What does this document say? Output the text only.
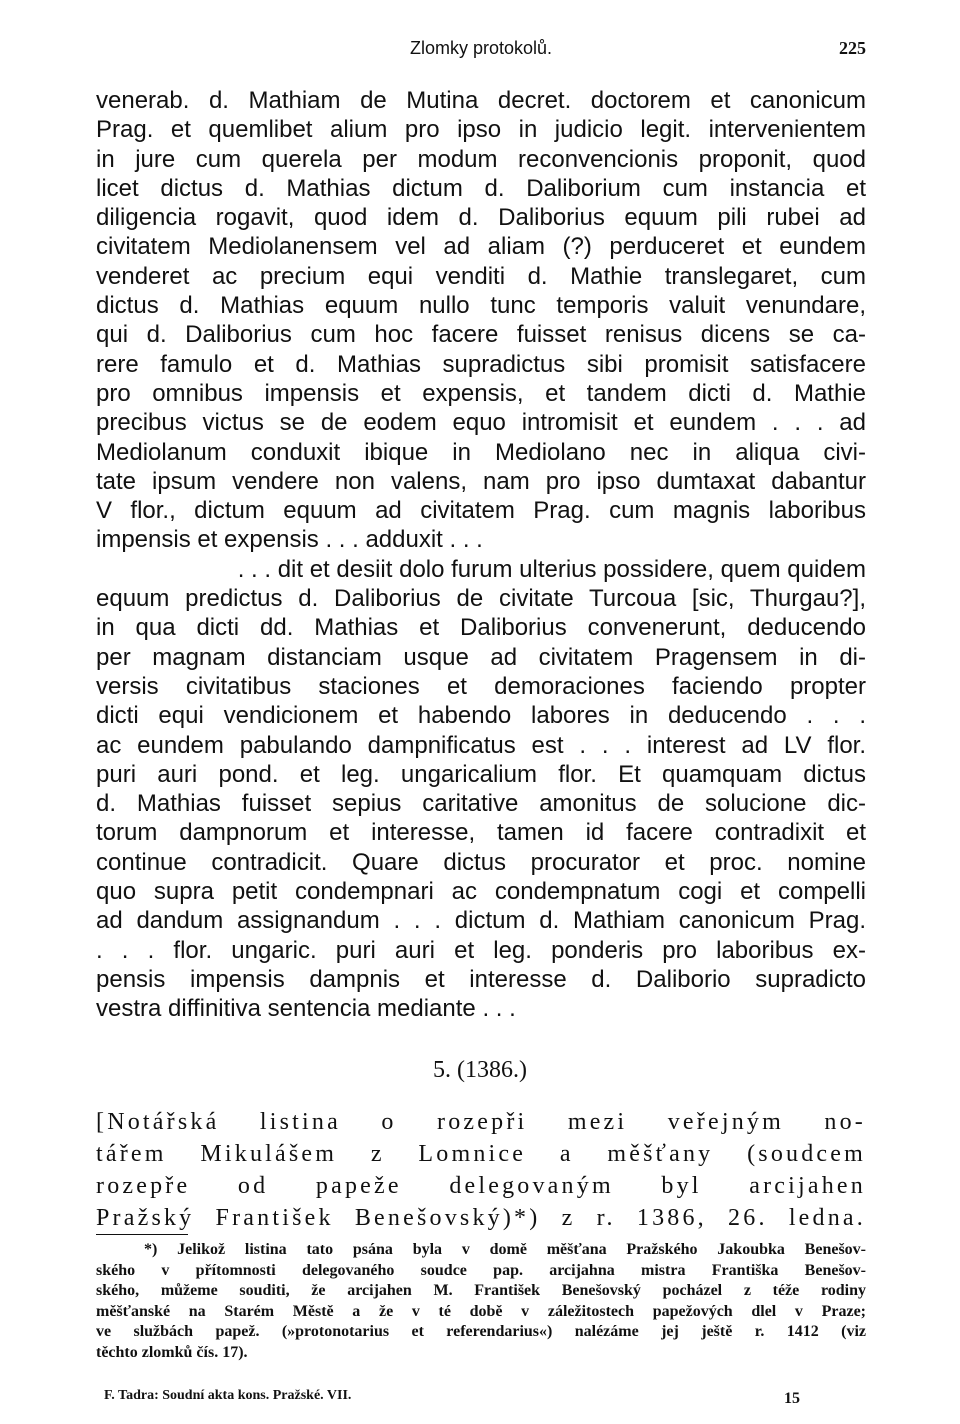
Zlomky protokolů.	225
venerab. d. Mathiam de Mutina decret. doctorem et canonicum
Prag. et quemlibet alium pro ipso in judicio legit. intervenientem
in jure cum querela per modum reconvencionis proponit, quod
licet dictus d. Mathias dictum d. Daliborium cum instancia et
diligencia rogavit, quod idem d. Daliborius equum pili rubei ad
civitatem Mediolanensem vel ad aliam (?) perduceret et eundem
venderet ac precium equi venditi d. Mathie translegaret, cum
dictus d. Mathias equum nullo tunc temporis valuit venundare,
qui d. Daliborius cum hoc facere fuisset renisus dicens se ca-
rere famulo et d. Mathias supradictus sibi promisit satisfacere
pro omnibus impensis et expensis, et tandem dicti d. Mathie
precibus victus se de eodem equo intromisit et eundem . . . ad
Mediolanum conduxit ibique in Mediolano nec in aliqua civi-
tate ipsum vendere non valens, nam pro ipso dumtaxat dabantur
V flor., dictum equum ad civitatem Prag. cum magnis laboribus
impensis et expensis . . . adduxit . . .
. . . dit et desiit dolo furum ulterius possidere, quem quidem
equum predictus d. Daliborius de civitate Turcoua [sic, Thurgau?],
in qua dicti dd. Mathias et Daliborius convenerunt, deducendo
per magnam distanciam usque ad civitatem Pragensem in di-
versis civitatibus staciones et demoraciones faciendo propter
dicti equi vendicionem et habendo labores in deducendo . . .
ac eundem pabulando dampnificatus est . . . interest ad LV flor.
puri auri pond. et leg. ungaricalium flor. Et quamquam dictus
d. Mathias fuisset sepius caritative amonitus de solucione dic-
torum dampnorum et interesse, tamen id facere contradixit et
continue contradicit. Quare dictus procurator et proc. nomine
quo supra petit condempnari ac condempnatum cogi et compelli
ad dandum assignandum . . . dictum d. Mathiam canonicum Prag.
. . . flor. ungaric. puri auri et leg. ponderis pro laboribus ex-
pensis impensis dampnis et interesse d. Daliborio supradicto
vestra diffinitiva sentencia mediante . . .
5. (1386.)
[Notářská listina o rozepři mezi veřejným no-
tářem Mikulášem z Lomnice a měšťany (soudcem
rozepře od papeže delegovaným byl arcijahen
Pražský František Benešovský)*) z r. 1386, 26. ledna.
*) Jelikož listina tato psána byla v domě měšťana Pražského Jakoubka Benešov-
ského v přítomnosti delegovaného soudce pap. arcijahna mistra Františka Benešov-
ského, můžeme souditi, že arcijahen M. František Benešovský pocházel z téže rodiny
měšťanské na Starém Městě a že v té době v záležitostech papežových dlel v Praze;
ve službách papež. (»protonotarius et referendarius«) nalézáme jej ještě r. 1412 (viz
těchto zlomků čís. 17).
F. Tadra: Soudní akta kons. Pražské. VII.	15
